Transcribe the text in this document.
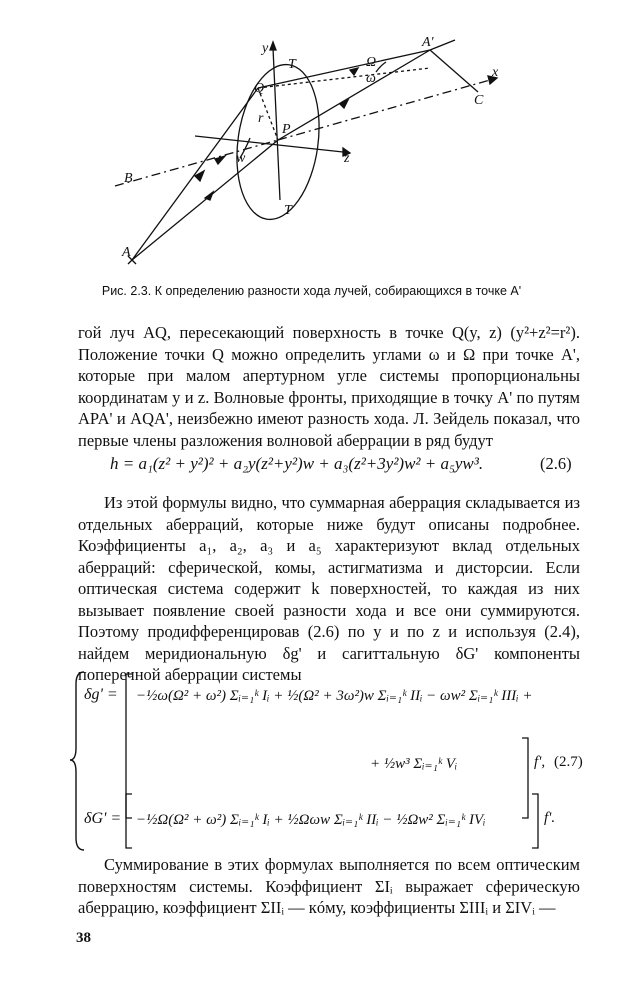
y
x
z
T
T
Q
r
P
w
ω
Ω
A'
A
B
C
Рис. 2.3. К определению разности хода лучей, собирающихся в точке A'

гой луч AQ, пересекающий поверхность в точке Q(y, z) (y²+z²=r²). Положение точки Q можно определить углами ω и Ω при точке A', которые при малом апертурном угле системы пропорциональны координатам y и z. Волновые фронты, приходящие в точку A' по путям APA' и AQA', неизбежно имеют разность хода. Л. Зейдель показал, что первые члены разложения волновой аберрации в ряд будут

h = a₁(z² + y²)² + a₂y(z²+y²)w + a₃(z²+3y²)w² + a₅yw³.	(2.6)

Из этой формулы видно, что суммарная аберрация складывается из отдельных аберраций, которые ниже будут описаны подробнее. Коэффициенты a₁, a₂, a₃ и a₅ характеризуют вклад отдельных аберраций: сферической, комы, астигматизма и дисторсии. Если оптическая система содержит k поверхностей, то каждая из них вызывает появление своей разности хода и все они суммируются. Поэтому продифференцировав (2.6) по y и по z и используя (2.4), найдем меридиональную δg' и сагиттальную δG' компоненты поперечной аберрации системы

δg' = −½ω(Ω² + ω²) Σᵢ₌₁ᵏ Iᵢ + ½(Ω² + 3ω²)w Σᵢ₌₁ᵏ IIᵢ − ωw² Σᵢ₌₁ᵏ IIIᵢ +
+ ½w³ Σᵢ₌₁ᵏ Vᵢ	f', (2.7)
δG' = −½Ω(Ω² + ω²) Σᵢ₌₁ᵏ Iᵢ + ½Ωωw Σᵢ₌₁ᵏ IIᵢ − ½Ωw² Σᵢ₌₁ᵏ IVᵢ	f'.

Суммирование в этих формулах выполняется по всем оптическим поверхностям системы. Коэффициент ΣIᵢ выражает сферическую аберрацию, коэффициент ΣIIᵢ — кóму, коэффициенты ΣIIIᵢ и ΣIVᵢ —

38
